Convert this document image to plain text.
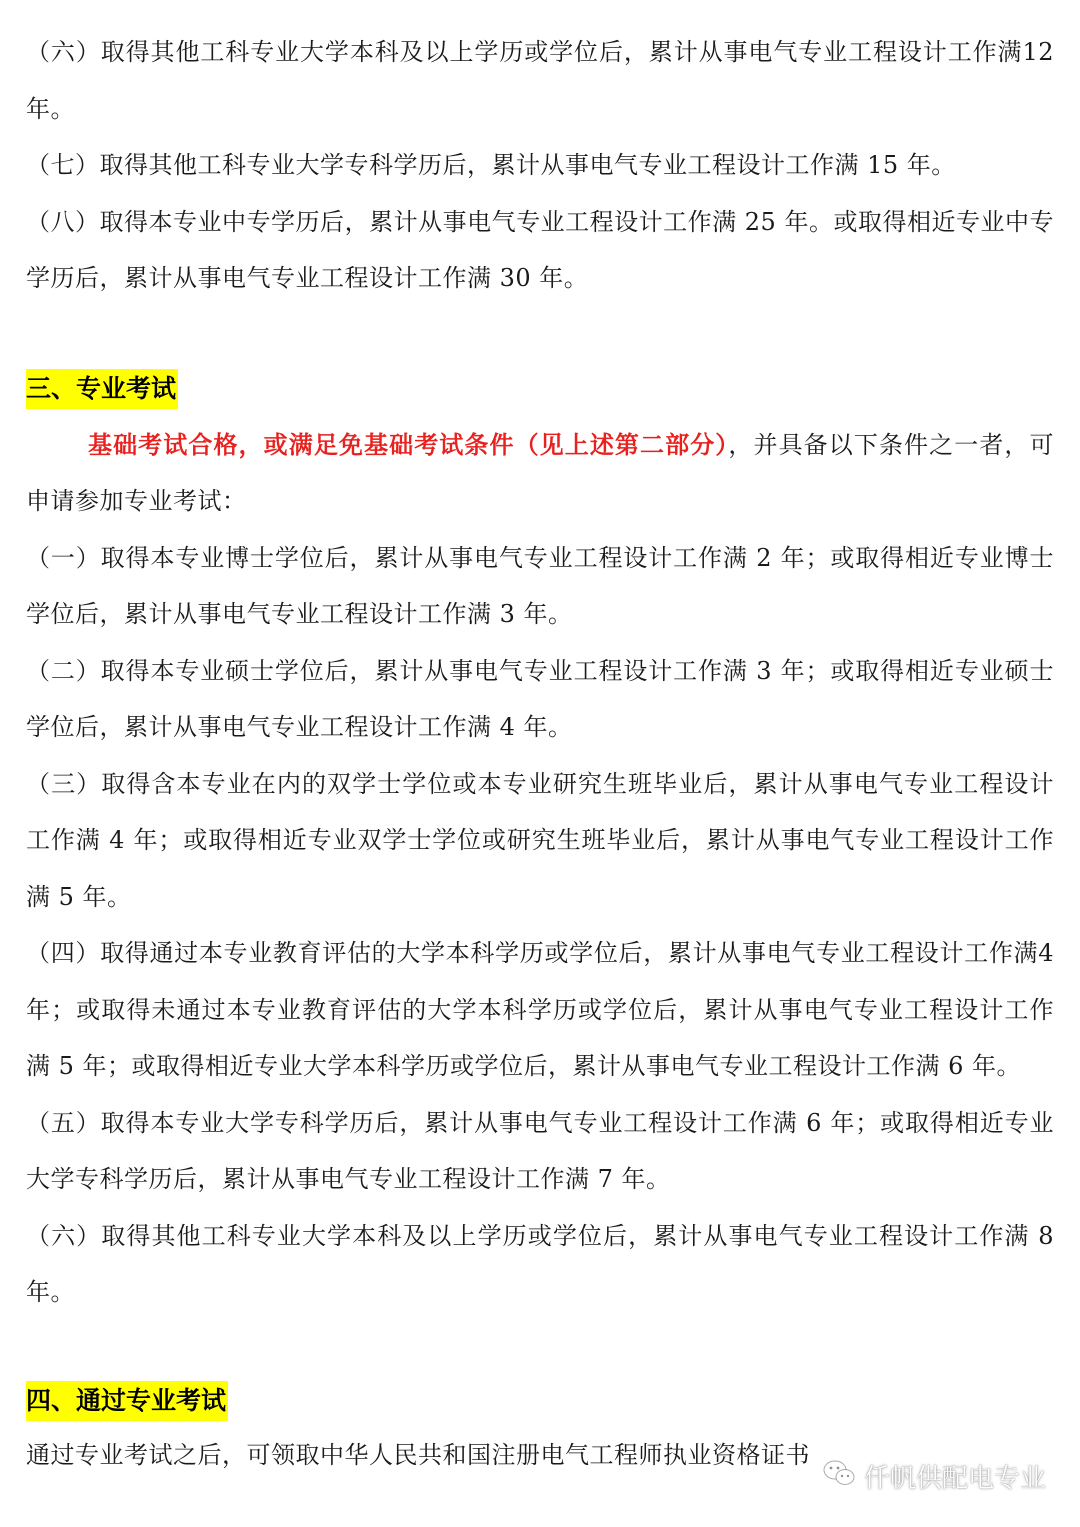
（六）取得其他工科专业大学本科及以上学历或学位后，累计从事电气专业工程设计工作满12 年。

（七）取得其他工科专业大学专科学历后，累计从事电气专业工程设计工作满 15 年。

（八）取得本专业中专学历后，累计从事电气专业工程设计工作满 25 年。或取得相近专业中专学历后，累计从事电气专业工程设计工作满 30 年。

三、专业考试

基础考试合格，或满足免基础考试条件（见上述第二部分），并具备以下条件之一者，可申请参加专业考试：

（一）取得本专业博士学位后，累计从事电气专业工程设计工作满 2 年；或取得相近专业博士学位后，累计从事电气专业工程设计工作满 3 年。

（二）取得本专业硕士学位后，累计从事电气专业工程设计工作满 3 年；或取得相近专业硕士学位后，累计从事电气专业工程设计工作满 4 年。

（三）取得含本专业在内的双学士学位或本专业研究生班毕业后，累计从事电气专业工程设计工作满 4 年；或取得相近专业双学士学位或研究生班毕业后，累计从事电气专业工程设计工作满 5 年。

（四）取得通过本专业教育评估的大学本科学历或学位后，累计从事电气专业工程设计工作满4 年；或取得未通过本专业教育评估的大学本科学历或学位后，累计从事电气专业工程设计工作满 5 年；或取得相近专业大学本科学历或学位后，累计从事电气专业工程设计工作满 6 年。

（五）取得本专业大学专科学历后，累计从事电气专业工程设计工作满 6 年；或取得相近专业大学专科学历后，累计从事电气专业工程设计工作满 7 年。

（六）取得其他工科专业大学本科及以上学历或学位后，累计从事电气专业工程设计工作满 8 年。

四、通过专业考试

通过专业考试之后，可领取中华人民共和国注册电气工程师执业资格证书

仟帆供配电专业
